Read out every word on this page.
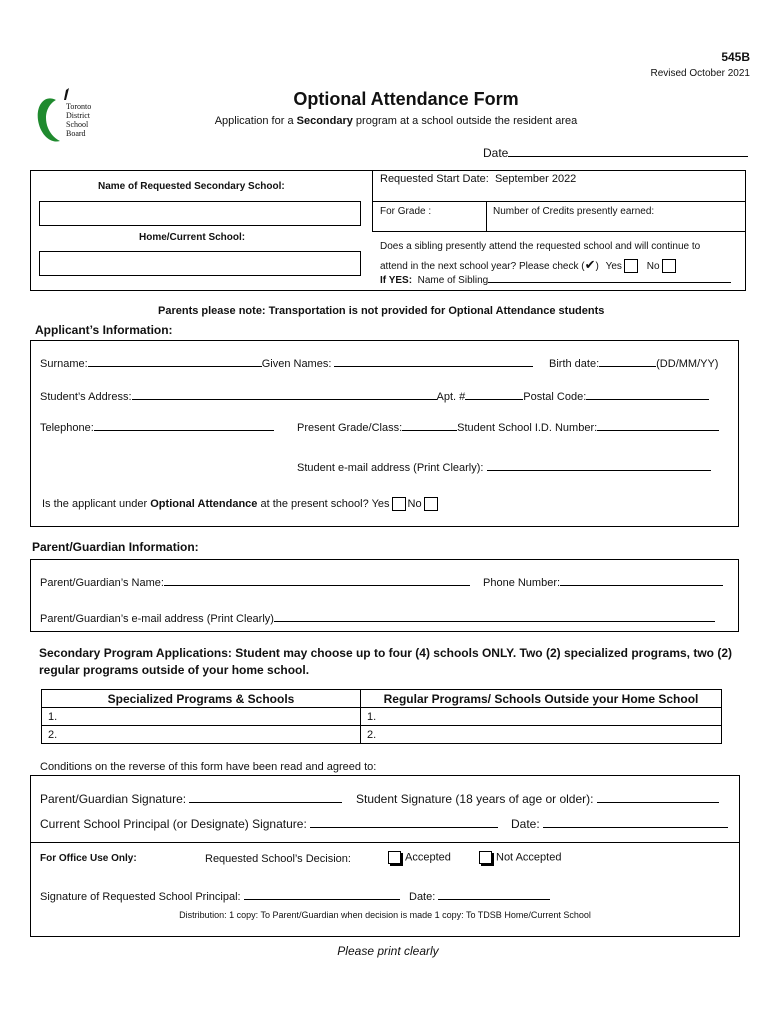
545B
Revised October 2021
Toronto
District
School
Board
Optional Attendance Form
Application for a Secondary program at a school outside the resident area
Date
Name of Requested Secondary School:
Home/Current School:
Requested Start Date: September 2022
For Grade :	Number of Credits presently earned:
Does a sibling presently attend the requested school and will continue to
attend in the next school year? Please check (✔) Yes No
If YES: Name of Sibling
Parents please note: Transportation is not provided for Optional Attendance students
Applicant’s Information:
Surname:	Given Names:	Birth date:	(DD/MM/YY)
Student’s Address:	Apt. #	Postal Code:
Telephone:	Present Grade/Class:	Student School I.D. Number:
Student e-mail address (Print Clearly):
Is the applicant under Optional Attendance at the present school? Yes No
Parent/Guardian Information:
Parent/Guardian’s Name:	Phone Number:
Parent/Guardian’s e-mail address (Print Clearly)
Secondary Program Applications: Student may choose up to four (4) schools ONLY. Two (2) specialized programs, two (2)
regular programs outside of your home school.
Specialized Programs & Schools	Regular Programs/ Schools Outside your Home School
1.	1.
2.	2.
Conditions on the reverse of this form have been read and agreed to:
Parent/Guardian Signature:	Student Signature (18 years of age or older):
Current School Principal (or Designate) Signature:	Date:
For Office Use Only:	Requested School’s Decision:	Accepted	Not Accepted
Signature of Requested School Principal:	Date:
Distribution: 1 copy: To Parent/Guardian when decision is made 1 copy: To TDSB Home/Current School
Please print clearly
